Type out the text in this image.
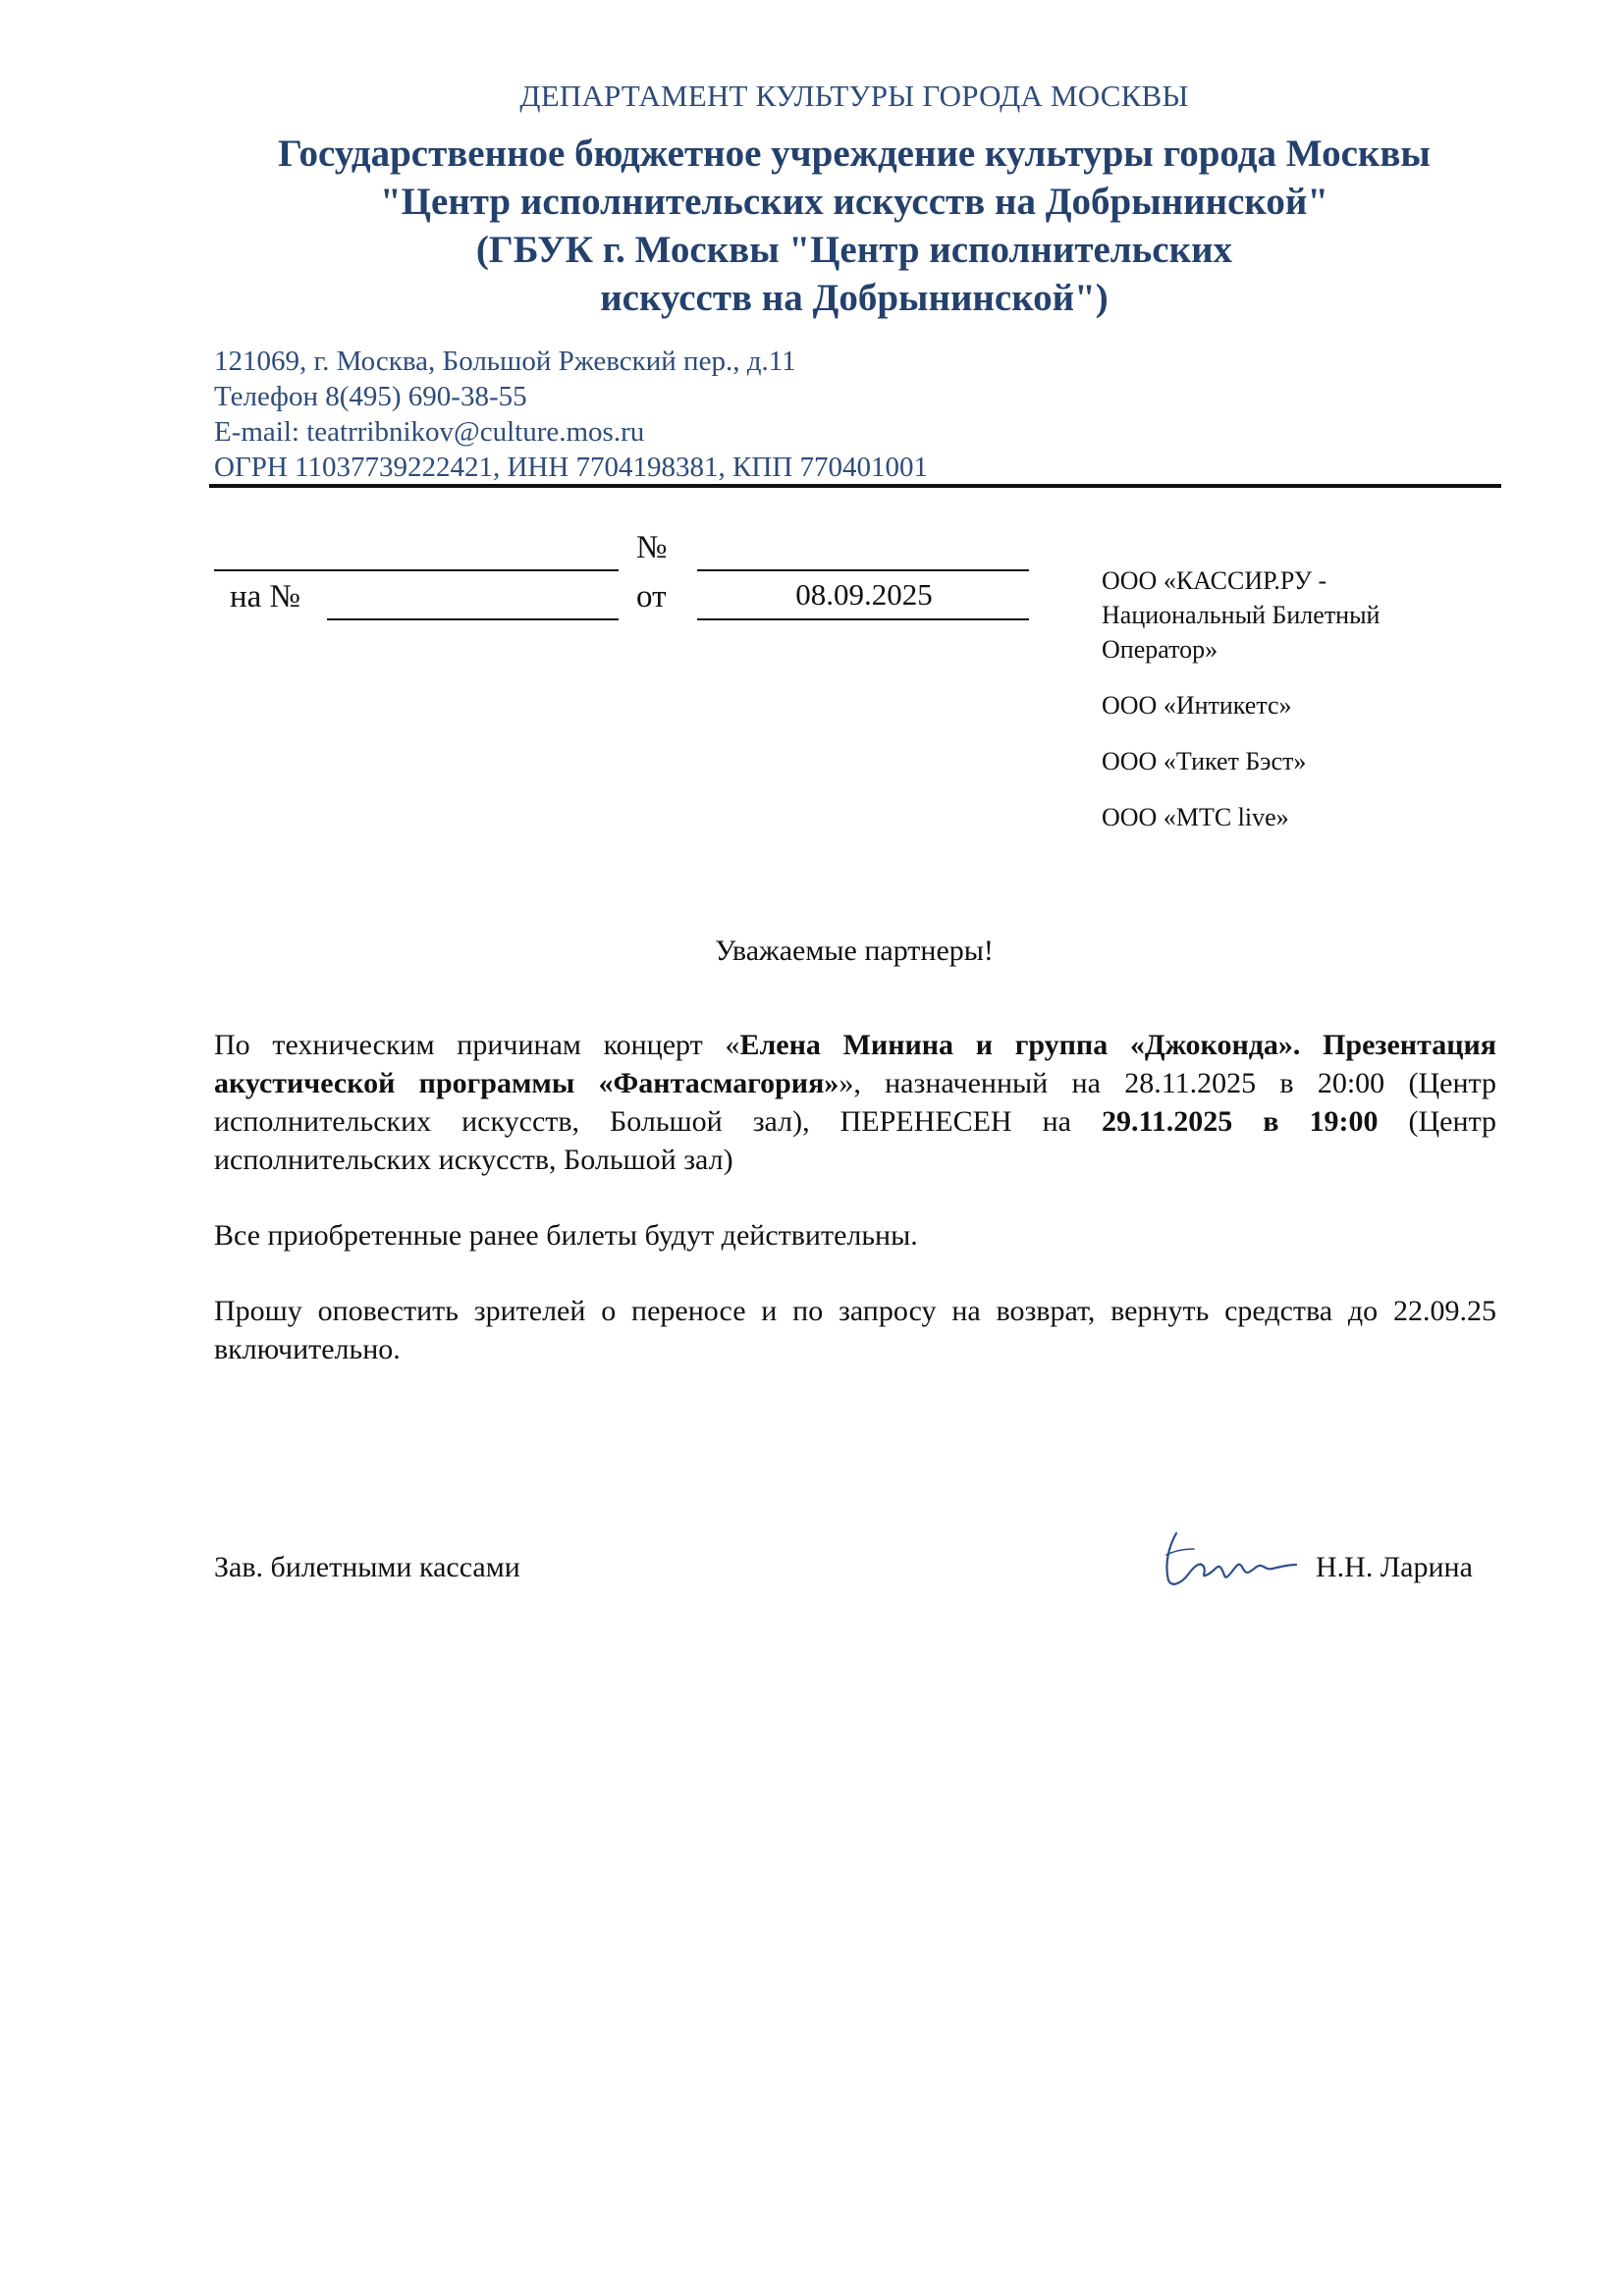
ДЕПАРТАМЕНТ КУЛЬТУРЫ ГОРОДА МОСКВЫ
Государственное бюджетное учреждение культуры города Москвы
"Центр исполнительских искусств на Добрынинской"
(ГБУК г. Москвы "Центр исполнительских
искусств на Добрынинской")
121069, г. Москва, Большой Ржевский пер., д.11
Телефон 8(495) 690-38-55
E-mail: teatrribnikov@culture.mos.ru
ОГРН 11037739222421, ИНН 7704198381, КПП 770401001
№
на №	от	08.09.2025	ООО «КАССИР.РУ - Национальный Билетный Оператор»
ООО «Интикетс»
ООО «Тикет Бэст»
ООО «МТС live»
Уважаемые партнеры!

По техническим причинам концерт «Елена Минина и группа «Джоконда». Презентация акустической программы «Фантасмагория»», назначенный на 28.11.2025 в 20:00 (Центр исполнительских искусств, Большой зал), ПЕРЕНЕСЕН на 29.11.2025 в 19:00 (Центр исполнительских искусств, Большой зал)

Все приобретенные ранее билеты будут действительны.

Прошу оповестить зрителей о переносе и по запросу на возврат, вернуть средства до 22.09.25 включительно.

Зав. билетными кассами	Н.Н. Ларина
